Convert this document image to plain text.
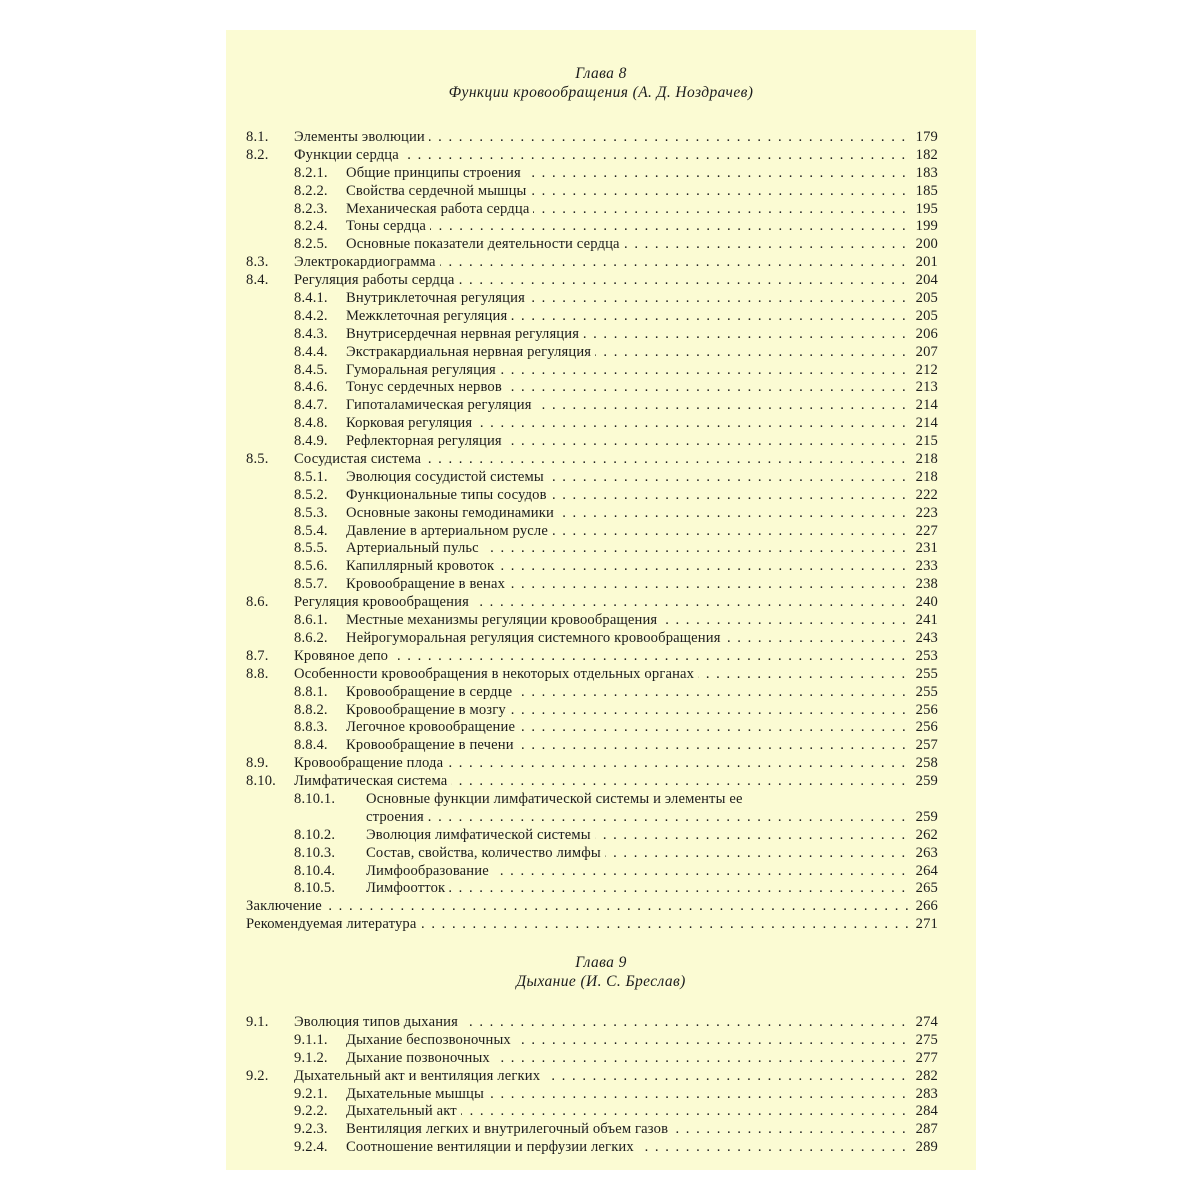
Глава 8
Функции кровообращения (А. Д. Ноздрачев)
8.1. Элементы эволюции . . .	179
8.2. Функции сердца . . .	182
8.2.1. Общие принципы строения . . .	183
8.2.2. Свойства сердечной мышцы . . .	185
8.2.3. Механическая работа сердца . . .	195
8.2.4. Тоны сердца . . .	199
8.2.5. Основные показатели деятельности сердца . . .	200
8.3. Электрокардиограмма . . .	201
8.4. Регуляция работы сердца . . .	204
8.4.1. Внутриклеточная регуляция . . .	205
8.4.2. Межклеточная регуляция . . .	205
8.4.3. Внутрисердечная нервная регуляция . . .	206
8.4.4. Экстракардиальная нервная регуляция . . .	207
8.4.5. Гуморальная регуляция . . .	212
8.4.6. Тонус сердечных нервов . . .	213
8.4.7. Гипоталамическая регуляция . . .	214
8.4.8. Корковая регуляция . . .	214
8.4.9. Рефлекторная регуляция . . .	215
8.5. Сосудистая система . . .	218
8.5.1. Эволюция сосудистой системы . . .	218
8.5.2. Функциональные типы сосудов . . .	222
8.5.3. Основные законы гемодинамики . . .	223
8.5.4. Давление в артериальном русле . . .	227
8.5.5. Артериальный пульс . . .	231
8.5.6. Капиллярный кровоток . . .	233
8.5.7. Кровообращение в венах . . .	238
8.6. Регуляция кровообращения . . .	240
8.6.1. Местные механизмы регуляции кровообращения . . .	241
8.6.2. Нейрогуморальная регуляция системного кровообращения . . .	243
8.7. Кровяное депо . . .	253
8.8. Особенности кровообращения в некоторых отдельных органах . . .	255
8.8.1. Кровообращение в сердце . . .	255
8.8.2. Кровообращение в мозгу . . .	256
8.8.3. Легочное кровообращение . . .	256
8.8.4. Кровообращение в печени . . .	257
8.9. Кровообращение плода . . .	258
8.10. Лимфатическая система . . .	259
8.10.1. Основные функции лимфатической системы и элементы ее
строения . . .	259
8.10.2. Эволюция лимфатической системы . . .	262
8.10.3. Состав, свойства, количество лимфы . . .	263
8.10.4. Лимфообразование . . .	264
8.10.5. Лимфоотток . . .	265
Заключение . . .	266
Рекомендуемая литература . . .	271
Глава 9
Дыхание (И. С. Бреслав)
9.1. Эволюция типов дыхания . . .	274
9.1.1. Дыхание беспозвоночных . . .	275
9.1.2. Дыхание позвоночных . . .	277
9.2. Дыхательный акт и вентиляция легких . . .	282
9.2.1. Дыхательные мышцы . . .	283
9.2.2. Дыхательный акт . . .	284
9.2.3. Вентиляция легких и внутрилегочный объем газов . . .	287
9.2.4. Соотношение вентиляции и перфузии легких . . .	289
